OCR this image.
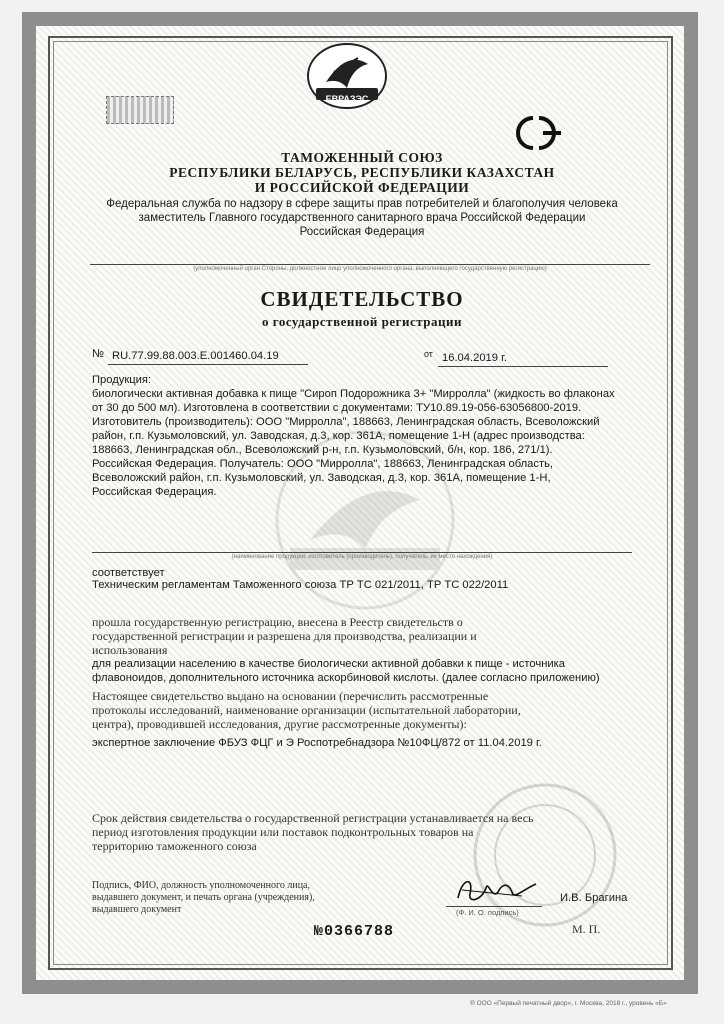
ЕВРАЗЭС
ТАМОЖЕННЫЙ СОЮЗ
РЕСПУБЛИКИ БЕЛАРУСЬ, РЕСПУБЛИКИ КАЗАХСТАН
И РОССИЙСКОЙ ФЕДЕРАЦИИ
Федеральная служба по надзору в сфере защиты прав потребителей и благополучия человека
заместитель Главного государственного санитарного врача Российской Федерации
Российская Федерация
(уполномоченный орган Стороны, должностное лицо уполномоченного органа, выполняющего государственную регистрацию)
СВИДЕТЕЛЬСТВО
о государственной регистрации
№ RU.77.99.88.003.Е.001460.04.19	от 16.04.2019 г.
Продукция:
биологически активная добавка к пище "Сироп Подорожника 3+ "Мирролла" (жидкость во флаконах
от 30 до 500 мл). Изготовлена в соответствии с документами: ТУ10.89.19-056-63056800-2019.
Изготовитель (производитель): ООО "Мирролла", 188663, Ленинградская область, Всеволожский
район, г.п. Кузьмоловский, ул. Заводская, д.3, кор. 361А, помещение 1-Н (адрес производства:
188663, Ленинградская обл., Всеволожский р-н, г.п. Кузьмоловский, б/н, кор. 186, 271/1).
Российская Федерация. Получатель: ООО "Мирролла", 188663, Ленинградская область,
Всеволожский район, г.п. Кузьмоловский, ул. Заводская, д.3, кор. 361А, помещение 1-Н,
Российская Федерация.
(наименование продукции, изготовитель (производитель), получатель, их место нахождения)
соответствует
Техническим регламентам Таможенного союза ТР ТС 021/2011, ТР ТС 022/2011
прошла государственную регистрацию, внесена в Реестр свидетельств о
государственной регистрации и разрешена для производства, реализации и
использования
для реализации населению в качестве биологически активной добавки к пище - источника
флавоноидов, дополнительного источника аскорбиновой кислоты. (далее согласно приложению)
Настоящее свидетельство выдано на основании (перечислить рассмотренные
протоколы исследований, наименование организации (испытательной лаборатории,
центра), проводившей исследования, другие рассмотренные документы):
экспертное заключение ФБУЗ ФЦГ и Э Роспотребнадзора №10ФЦ/872 от 11.04.2019 г.
Срок действия свидетельства о государственной регистрации устанавливается на весь
период изготовления продукции или поставок подконтрольных товаров на
территорию таможенного союза
Подпись, ФИО, должность уполномоченного лица,
выдавшего документ, и печать органа (учреждения),
выдавшего документ	(Ф. И. О. подпись)
И.В. Брагина
М. П.
№0366788
® ООО «Первый печатный двор», г. Москва, 2018 г., уровень «Б»
